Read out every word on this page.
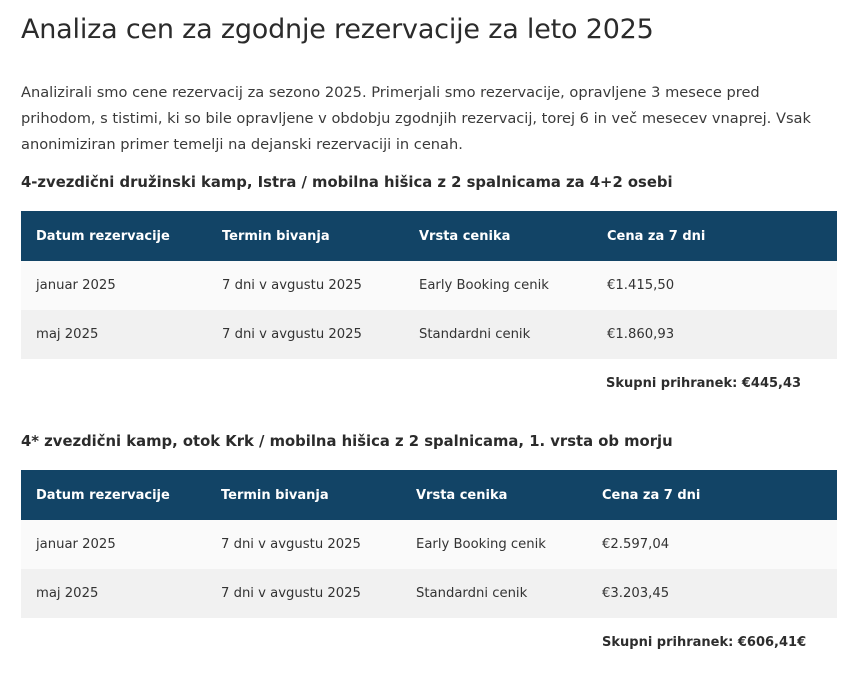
Analiza cen za zgodnje rezervacije za leto 2025

Analizirali smo cene rezervacij za sezono 2025. Primerjali smo rezervacije, opravljene 3 mesece pred prihodom, s tistimi, ki so bile opravljene v obdobju zgodnjih rezervacij, torej 6 in več mesecev vnaprej. Vsak anonimiziran primer temelji na dejanski rezervaciji in cenah.

4-zvezdični družinski kamp, Istra / mobilna hišica z 2 spalnicama za 4+2 osebi
Datum rezervacije	Termin bivanja	Vrsta cenika	Cena za 7 dni
januar 2025	7 dni v avgustu 2025	Early Booking cenik	€1.415,50
maj 2025	7 dni v avgustu 2025	Standardni cenik	€1.860,93
Skupni prihranek: €445,43
4* zvezdični kamp, otok Krk / mobilna hišica z 2 spalnicama, 1. vrsta ob morju
Datum rezervacije	Termin bivanja	Vrsta cenika	Cena za 7 dni
januar 2025	7 dni v avgustu 2025	Early Booking cenik	€2.597,04
maj 2025	7 dni v avgustu 2025	Standardni cenik	€3.203,45
Skupni prihranek: €606,41€
